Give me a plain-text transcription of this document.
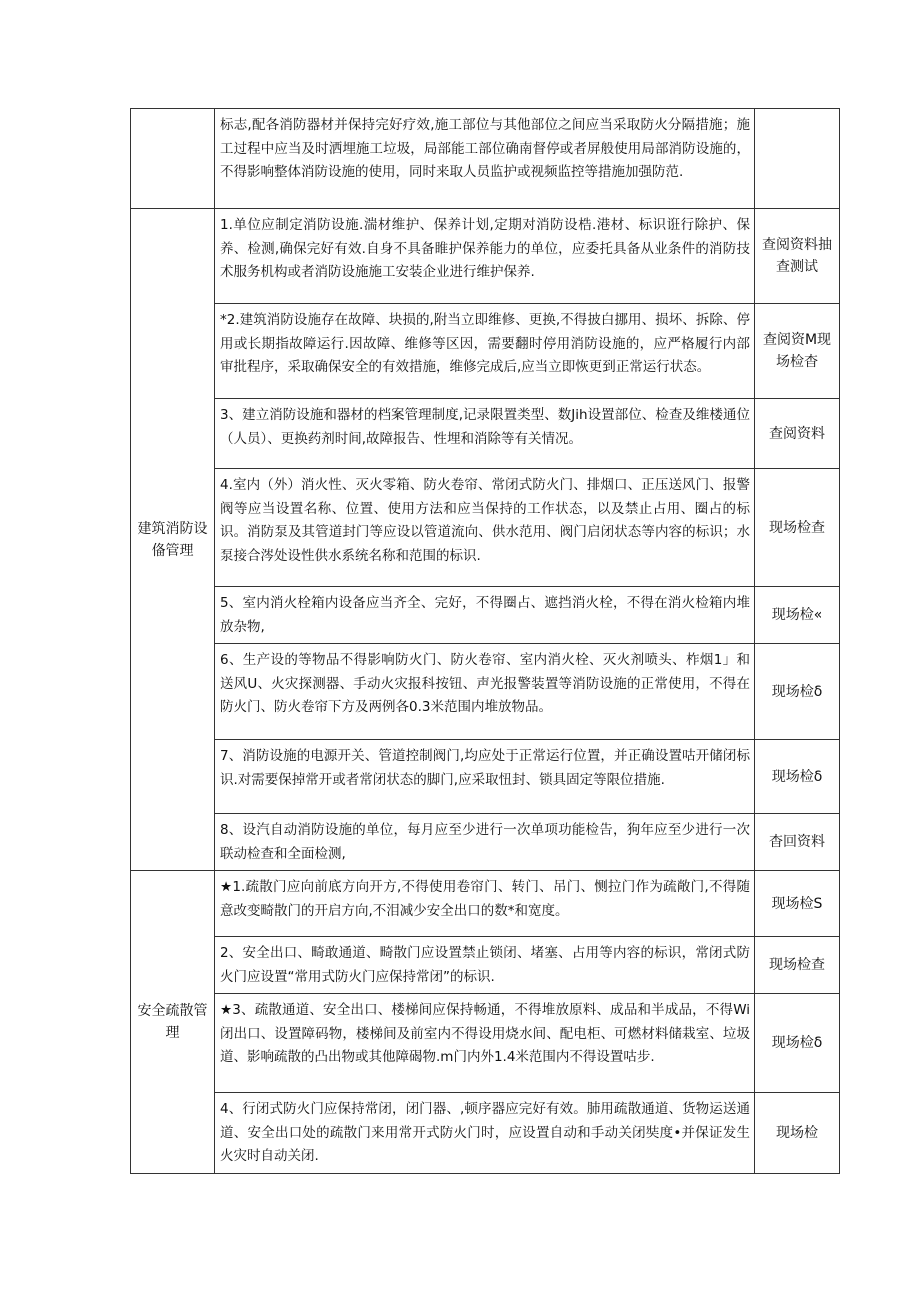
	标志,配各消防器材并保持完好疗效,施工部位与其他部位之间应当采取防火分隔措施；施工过程中应当及时洒埋施工垃圾，局部能工部位确南督停或者屏般使用局部消防设施的，不得影响整体消防设施的使用，同时来取人员监护或视频监控等措施加强防范.	
建筑消防设俻管理	1.单位应制定消防设施.湍材维护、保养计划,定期对消防设梏.港材、标识诳行除护、保养、检测,确保完好有效.自身不具备睢护保养能力的单位，应委托具备从业条件的消防技术服务机构或者消防设施施工安装企业进行维护保养.	查阅资料抽查测试
	*2.建筑消防设施存在故障、块损的,附当立即维修、更换,不得披白挪用、损坏、拆除、停用或长期指故障运行.因故障、维修等区因，需要翻时停用消防设施的，应严格履行内部审批程序，采取确保安全的有效措施，维修完成后,应当立即恢更到正常运行状态。	查阅资M现场检杳
	3、建立消防设施和器材的档案管理制度,记录限置类型、数Jih设置部位、检查及维楼通位（人员）、更换药剂时间,故障报告、性埋和消除等有关情况。	查阅资料
	4.室内（外）消火性、灭火零箱、防火卷帘、常闭式防火门、排烟口、正压送风门、报警阀等应当设置名称、位置、使用方法和应当保持的工作状态，以及禁止占用、圈占的标识。消防泵及其管道封门等应设以管道流向、供水范用、阀门启闭状态等内容的标识；水泵接合涔处设性供水系统名称和范围的标识.	现场检查
	5、室内消火栓箱内设备应当齐全、完好，不得圈占、遮挡消火栓，不得在消火检箱内堆放杂物,	现场检«
	6、生产设的等物品不得影响防火门、防火卷帘、室内消火栓、灭火剂喷头、柞烟1」和送风U、火灾探测器、手动火灾报科按钮、声光报警装置等消防设施的正常使用，不得在防火门、防火卷帘下方及两例各0.3米范围内堆放物品。	现场检δ
	7、消防设施的电源开关、管道控制阀门,均应处于正常运行位置，并正确设置咕开储闭标识.对需要保掉常开或者常闭状态的脚门,应采取忸封、锁具固定等限位措施.	现场检δ
	8、设汽自动消防设施的单位，每月应至少进行一次单项功能检告，狗年应至少进行一次联动检查和全面检测,	杳回资料
安全疏散管理	★1.疏散门应向前底方向开方,不得使用卷帘门、转门、吊门、恻拉门作为疏敞门,不得随意改变畸散门的开启方向,不泪减少安全出口的数*和宽度。	现场检S
	2、安全出口、畸敢通道、畸散门应设置禁止锁闭、堵塞、占用等内容的标识，常闭式防火门应设置“常用式防火门应保持常闭”的标识.	现场检查
	★3、疏散通道、安全出口、楼梯间应保持畅通，不得堆放原料、成品和半成品，不得Wi闭出口、设置障码物，楼梯间及前室内不得设用烧水间、配电柜、可燃材料储栽室、垃圾道、影响疏散的凸出物或其他障碣物.m门内外1.4米范围内不得设置咕步.	现场检δ
	4、行闭式防火门应保持常闭，闭门器、,顿序器应完好有效。肺用疏散通道、货物运送通道、安全出口处的疏散门来用常开式防火门时，应设置自动和手动关闭奘度•并保证发生火灾时自动关闭.	现场检
